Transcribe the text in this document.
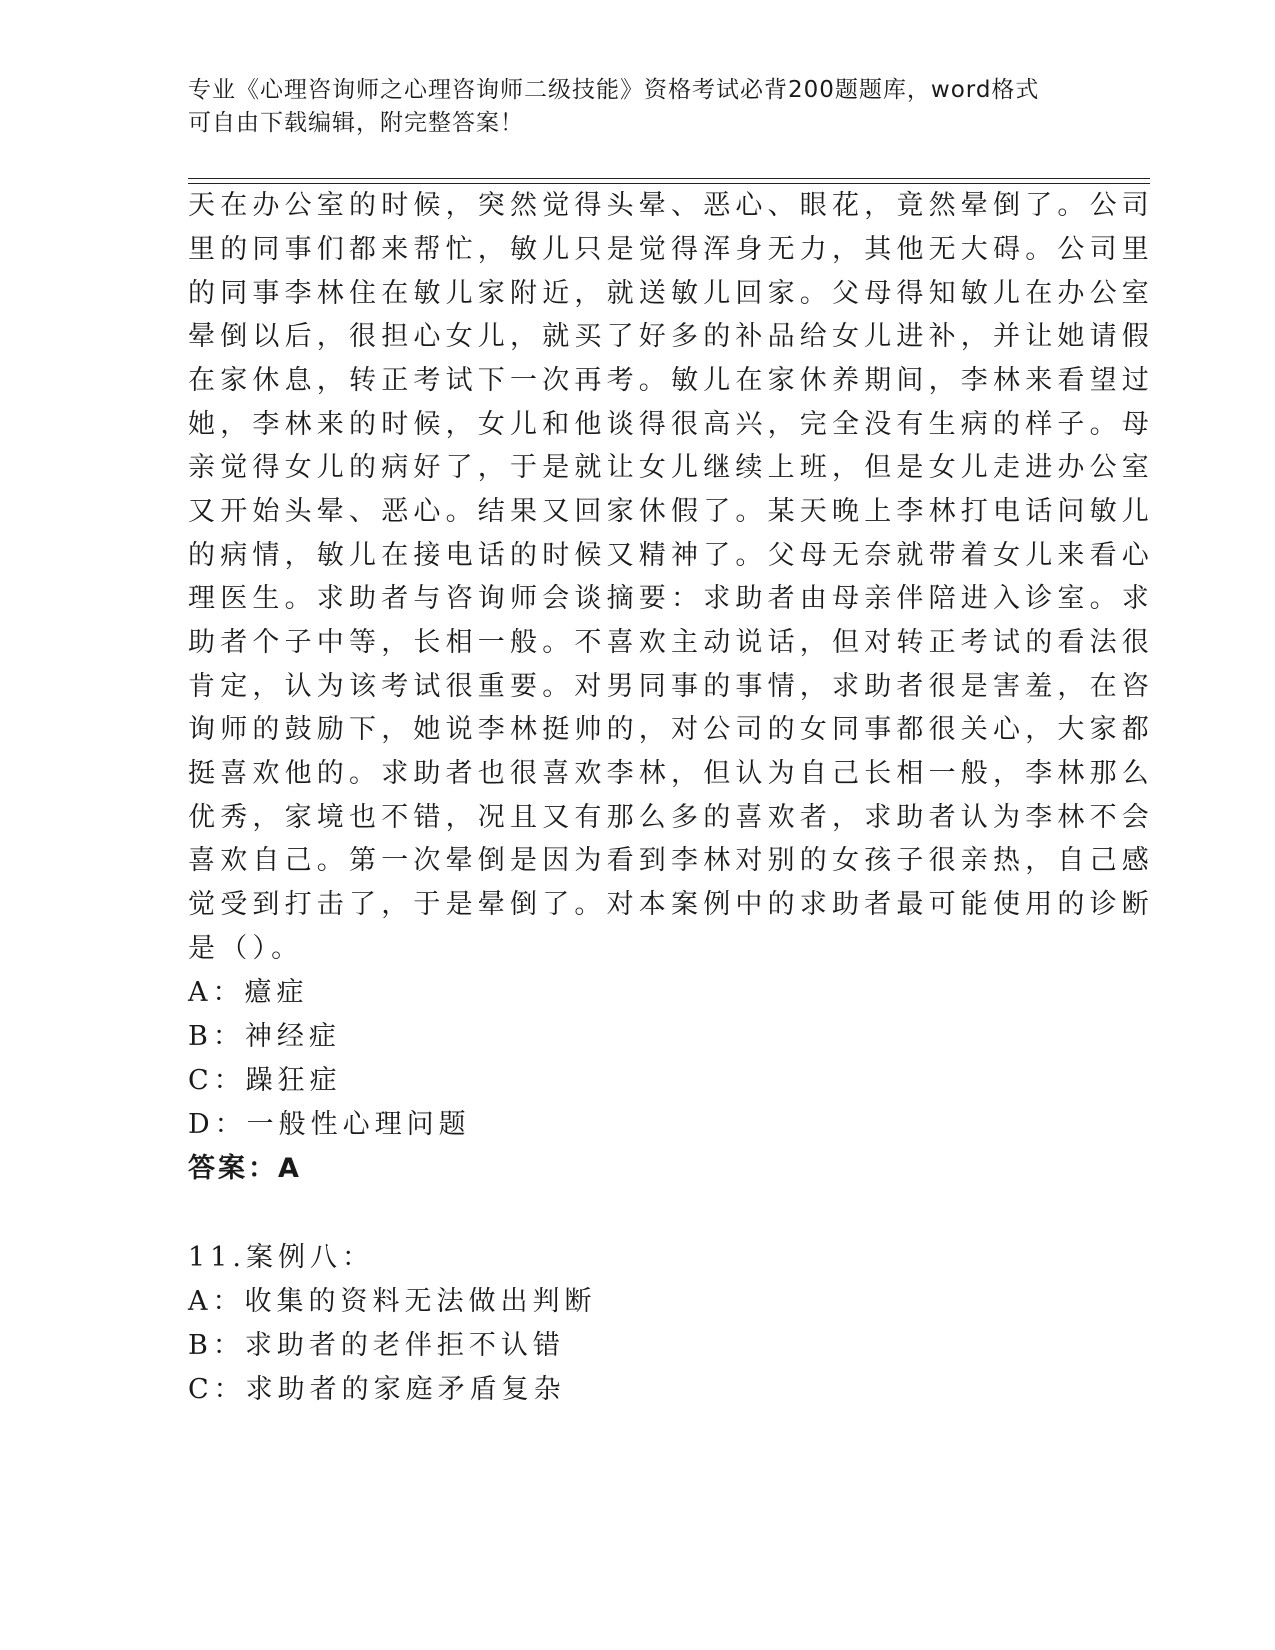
专业《心理咨询师之心理咨询师二级技能》资格考试必背200题题库，word格式
可自由下载编辑，附完整答案！
天在办公室的时候，突然觉得头晕、恶心、眼花，竟然晕倒了。公司
里的同事们都来帮忙，敏儿只是觉得浑身无力，其他无大碍。公司里
的同事李林住在敏儿家附近，就送敏儿回家。父母得知敏儿在办公室
晕倒以后，很担心女儿，就买了好多的补品给女儿进补，并让她请假
在家休息，转正考试下一次再考。敏儿在家休养期间，李林来看望过
她，李林来的时候，女儿和他谈得很高兴，完全没有生病的样子。母
亲觉得女儿的病好了，于是就让女儿继续上班，但是女儿走进办公室
又开始头晕、恶心。结果又回家休假了。某天晚上李林打电话问敏儿
的病情，敏儿在接电话的时候又精神了。父母无奈就带着女儿来看心
理医生。求助者与咨询师会谈摘要：求助者由母亲伴陪进入诊室。求
助者个子中等，长相一般。不喜欢主动说话，但对转正考试的看法很
肯定，认为该考试很重要。对男同事的事情，求助者很是害羞，在咨
询师的鼓励下，她说李林挺帅的，对公司的女同事都很关心，大家都
挺喜欢他的。求助者也很喜欢李林，但认为自己长相一般，李林那么
优秀，家境也不错，况且又有那么多的喜欢者，求助者认为李林不会
喜欢自己。第一次晕倒是因为看到李林对别的女孩子很亲热，自己感
觉受到打击了，于是晕倒了。对本案例中的求助者最可能使用的诊断
是（）。
A：癔症
B：神经症
C：躁狂症
D：一般性心理问题
答案：A
11.案例八：
A：收集的资料无法做出判断
B：求助者的老伴拒不认错
C：求助者的家庭矛盾复杂
